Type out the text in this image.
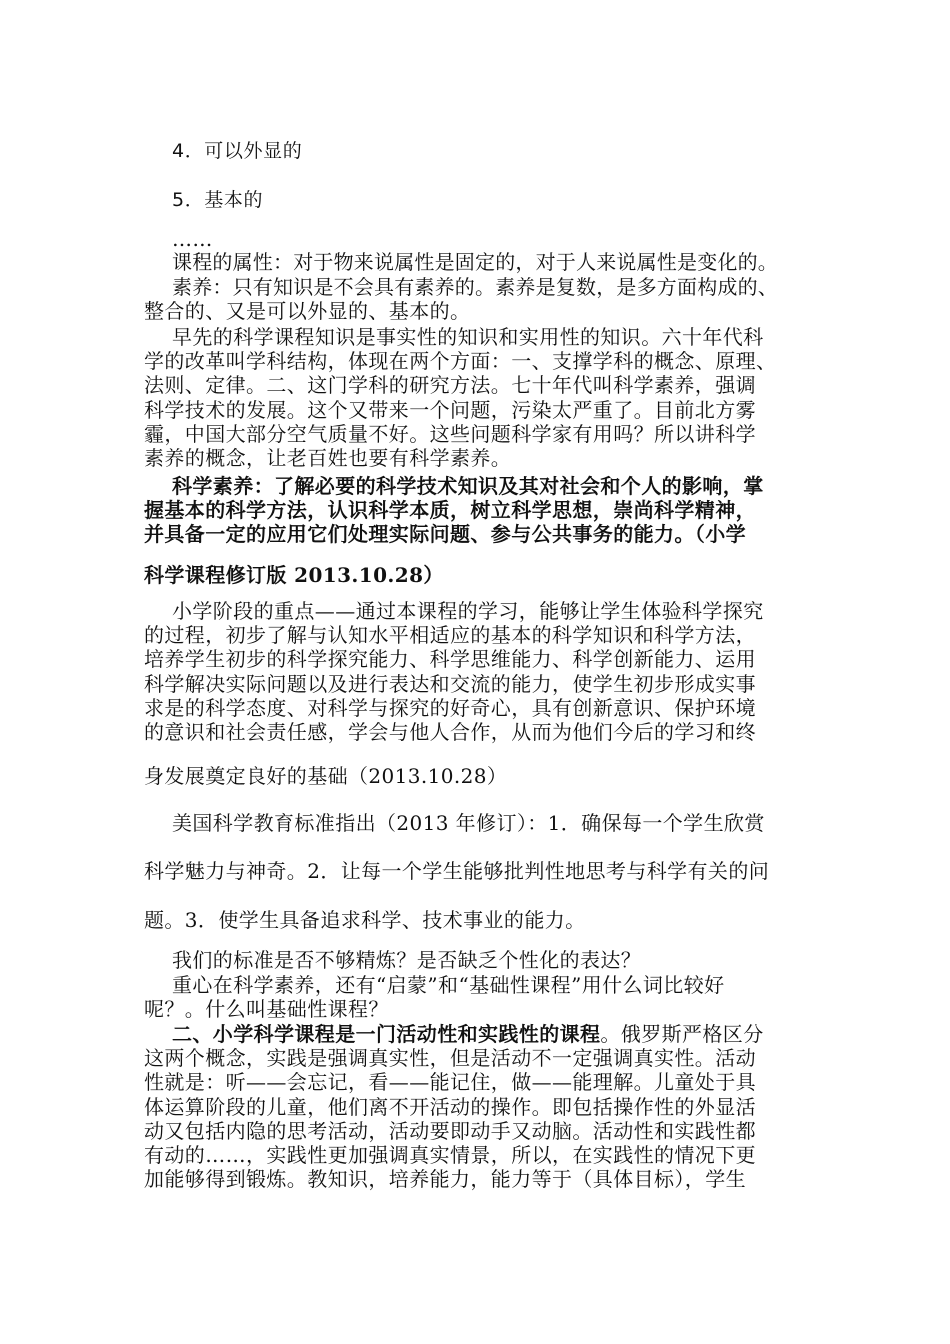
4．可以外显的
5．基本的
……
课程的属性：对于物来说属性是固定的，对于人来说属性是变化的。
素养：只有知识是不会具有素养的。素养是复数，是多方面构成的、
整合的、又是可以外显的、基本的。
早先的科学课程知识是事实性的知识和实用性的知识。六十年代科
学的改革叫学科结构，体现在两个方面：一、支撑学科的概念、原理、
法则、定律。二、这门学科的研究方法。七十年代叫科学素养，强调
科学技术的发展。这个又带来一个问题，污染太严重了。目前北方雾
霾，中国大部分空气质量不好。这些问题科学家有用吗？所以讲科学
素养的概念，让老百姓也要有科学素养。
科学素养：了解必要的科学技术知识及其对社会和个人的影响，掌
握基本的科学方法，认识科学本质，树立科学思想，崇尚科学精神，
并具备一定的应用它们处理实际问题、参与公共事务的能力。（小学
科学课程修订版 2013.10.28）
小学阶段的重点——通过本课程的学习，能够让学生体验科学探究
的过程，初步了解与认知水平相适应的基本的科学知识和科学方法，
培养学生初步的科学探究能力、科学思维能力、科学创新能力、运用
科学解决实际问题以及进行表达和交流的能力，使学生初步形成实事
求是的科学态度、对科学与探究的好奇心，具有创新意识、保护环境
的意识和社会责任感，学会与他人合作，从而为他们今后的学习和终
身发展奠定良好的基础（2013.10.28）
美国科学教育标准指出（2013 年修订）：1．确保每一个学生欣赏
科学魅力与神奇。2．让每一个学生能够批判性地思考与科学有关的问
题。3．使学生具备追求科学、技术事业的能力。
我们的标准是否不够精炼？是否缺乏个性化的表达？
重心在科学素养，还有“启蒙”和“基础性课程”用什么词比较好
呢？。什么叫基础性课程？
二、小学科学课程是一门活动性和实践性的课程。俄罗斯严格区分
这两个概念，实践是强调真实性，但是活动不一定强调真实性。活动
性就是：听——会忘记，看——能记住，做——能理解。儿童处于具
体运算阶段的儿童，他们离不开活动的操作。即包括操作性的外显活
动又包括内隐的思考活动，活动要即动手又动脑。活动性和实践性都
有动的……，实践性更加强调真实情景，所以，在实践性的情况下更
加能够得到锻炼。教知识，培养能力，能力等于（具体目标），学生
